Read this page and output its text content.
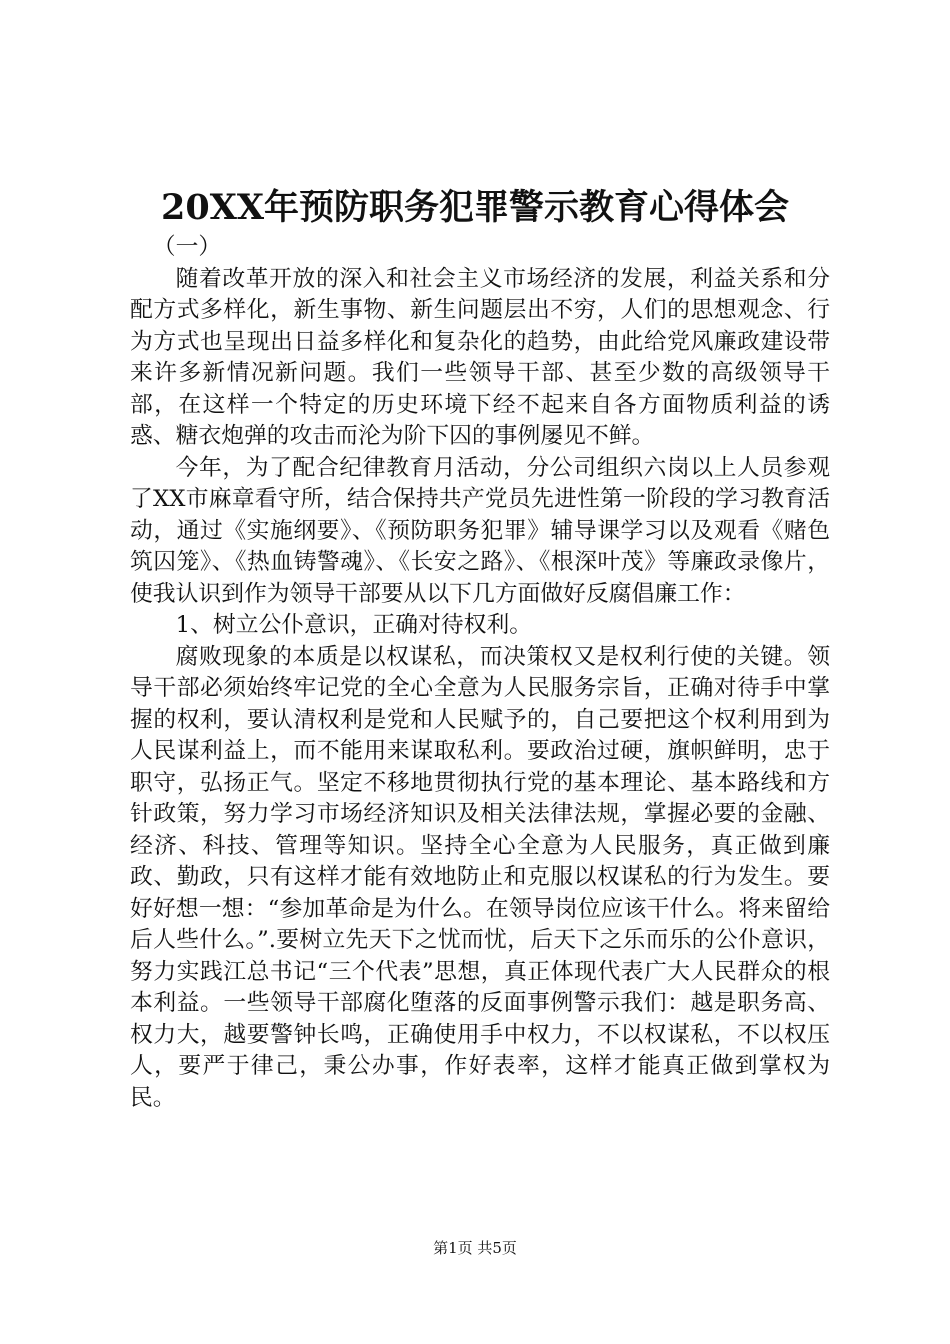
20XX年预防职务犯罪警示教育心得体会

（一）

随着改革开放的深入和社会主义市场经济的发展，利益关系和分配方式多样化，新生事物、新生问题层出不穷，人们的思想观念、行为方式也呈现出日益多样化和复杂化的趋势，由此给党风廉政建设带来许多新情况新问题。我们一些领导干部、甚至少数的高级领导干部，在这样一个特定的历史环境下经不起来自各方面物质利益的诱惑、糖衣炮弹的攻击而沦为阶下囚的事例屡见不鲜。

今年，为了配合纪律教育月活动，分公司组织六岗以上人员参观了XX市麻章看守所，结合保持共产党员先进性第一阶段的学习教育活动，通过《实施纲要》、《预防职务犯罪》辅导课学习以及观看《赌色筑囚笼》、《热血铸警魂》、《长安之路》、《根深叶茂》等廉政录像片，使我认识到作为领导干部要从以下几方面做好反腐倡廉工作：

1、树立公仆意识，正确对待权利。

腐败现象的本质是以权谋私，而决策权又是权利行使的关键。领导干部必须始终牢记党的全心全意为人民服务宗旨，正确对待手中掌握的权利，要认清权利是党和人民赋予的，自己要把这个权利用到为人民谋利益上，而不能用来谋取私利。要政治过硬，旗帜鲜明，忠于职守，弘扬正气。坚定不移地贯彻执行党的基本理论、基本路线和方针政策，努力学习市场经济知识及相关法律法规，掌握必要的金融、经济、科技、管理等知识。坚持全心全意为人民服务，真正做到廉政、勤政，只有这样才能有效地防止和克服以权谋私的行为发生。要好好想一想：“参加革命是为什么。在领导岗位应该干什么。将来留给后人些什么。”.要树立先天下之忧而忧，后天下之乐而乐的公仆意识，努力实践江总书记“三个代表”思想，真正体现代表广大人民群众的根本利益。一些领导干部腐化堕落的反面事例警示我们：越是职务高、权力大，越要警钟长鸣，正确使用手中权力，不以权谋私，不以权压人，要严于律己，秉公办事，作好表率，这样才能真正做到掌权为民。

第1页 共5页
